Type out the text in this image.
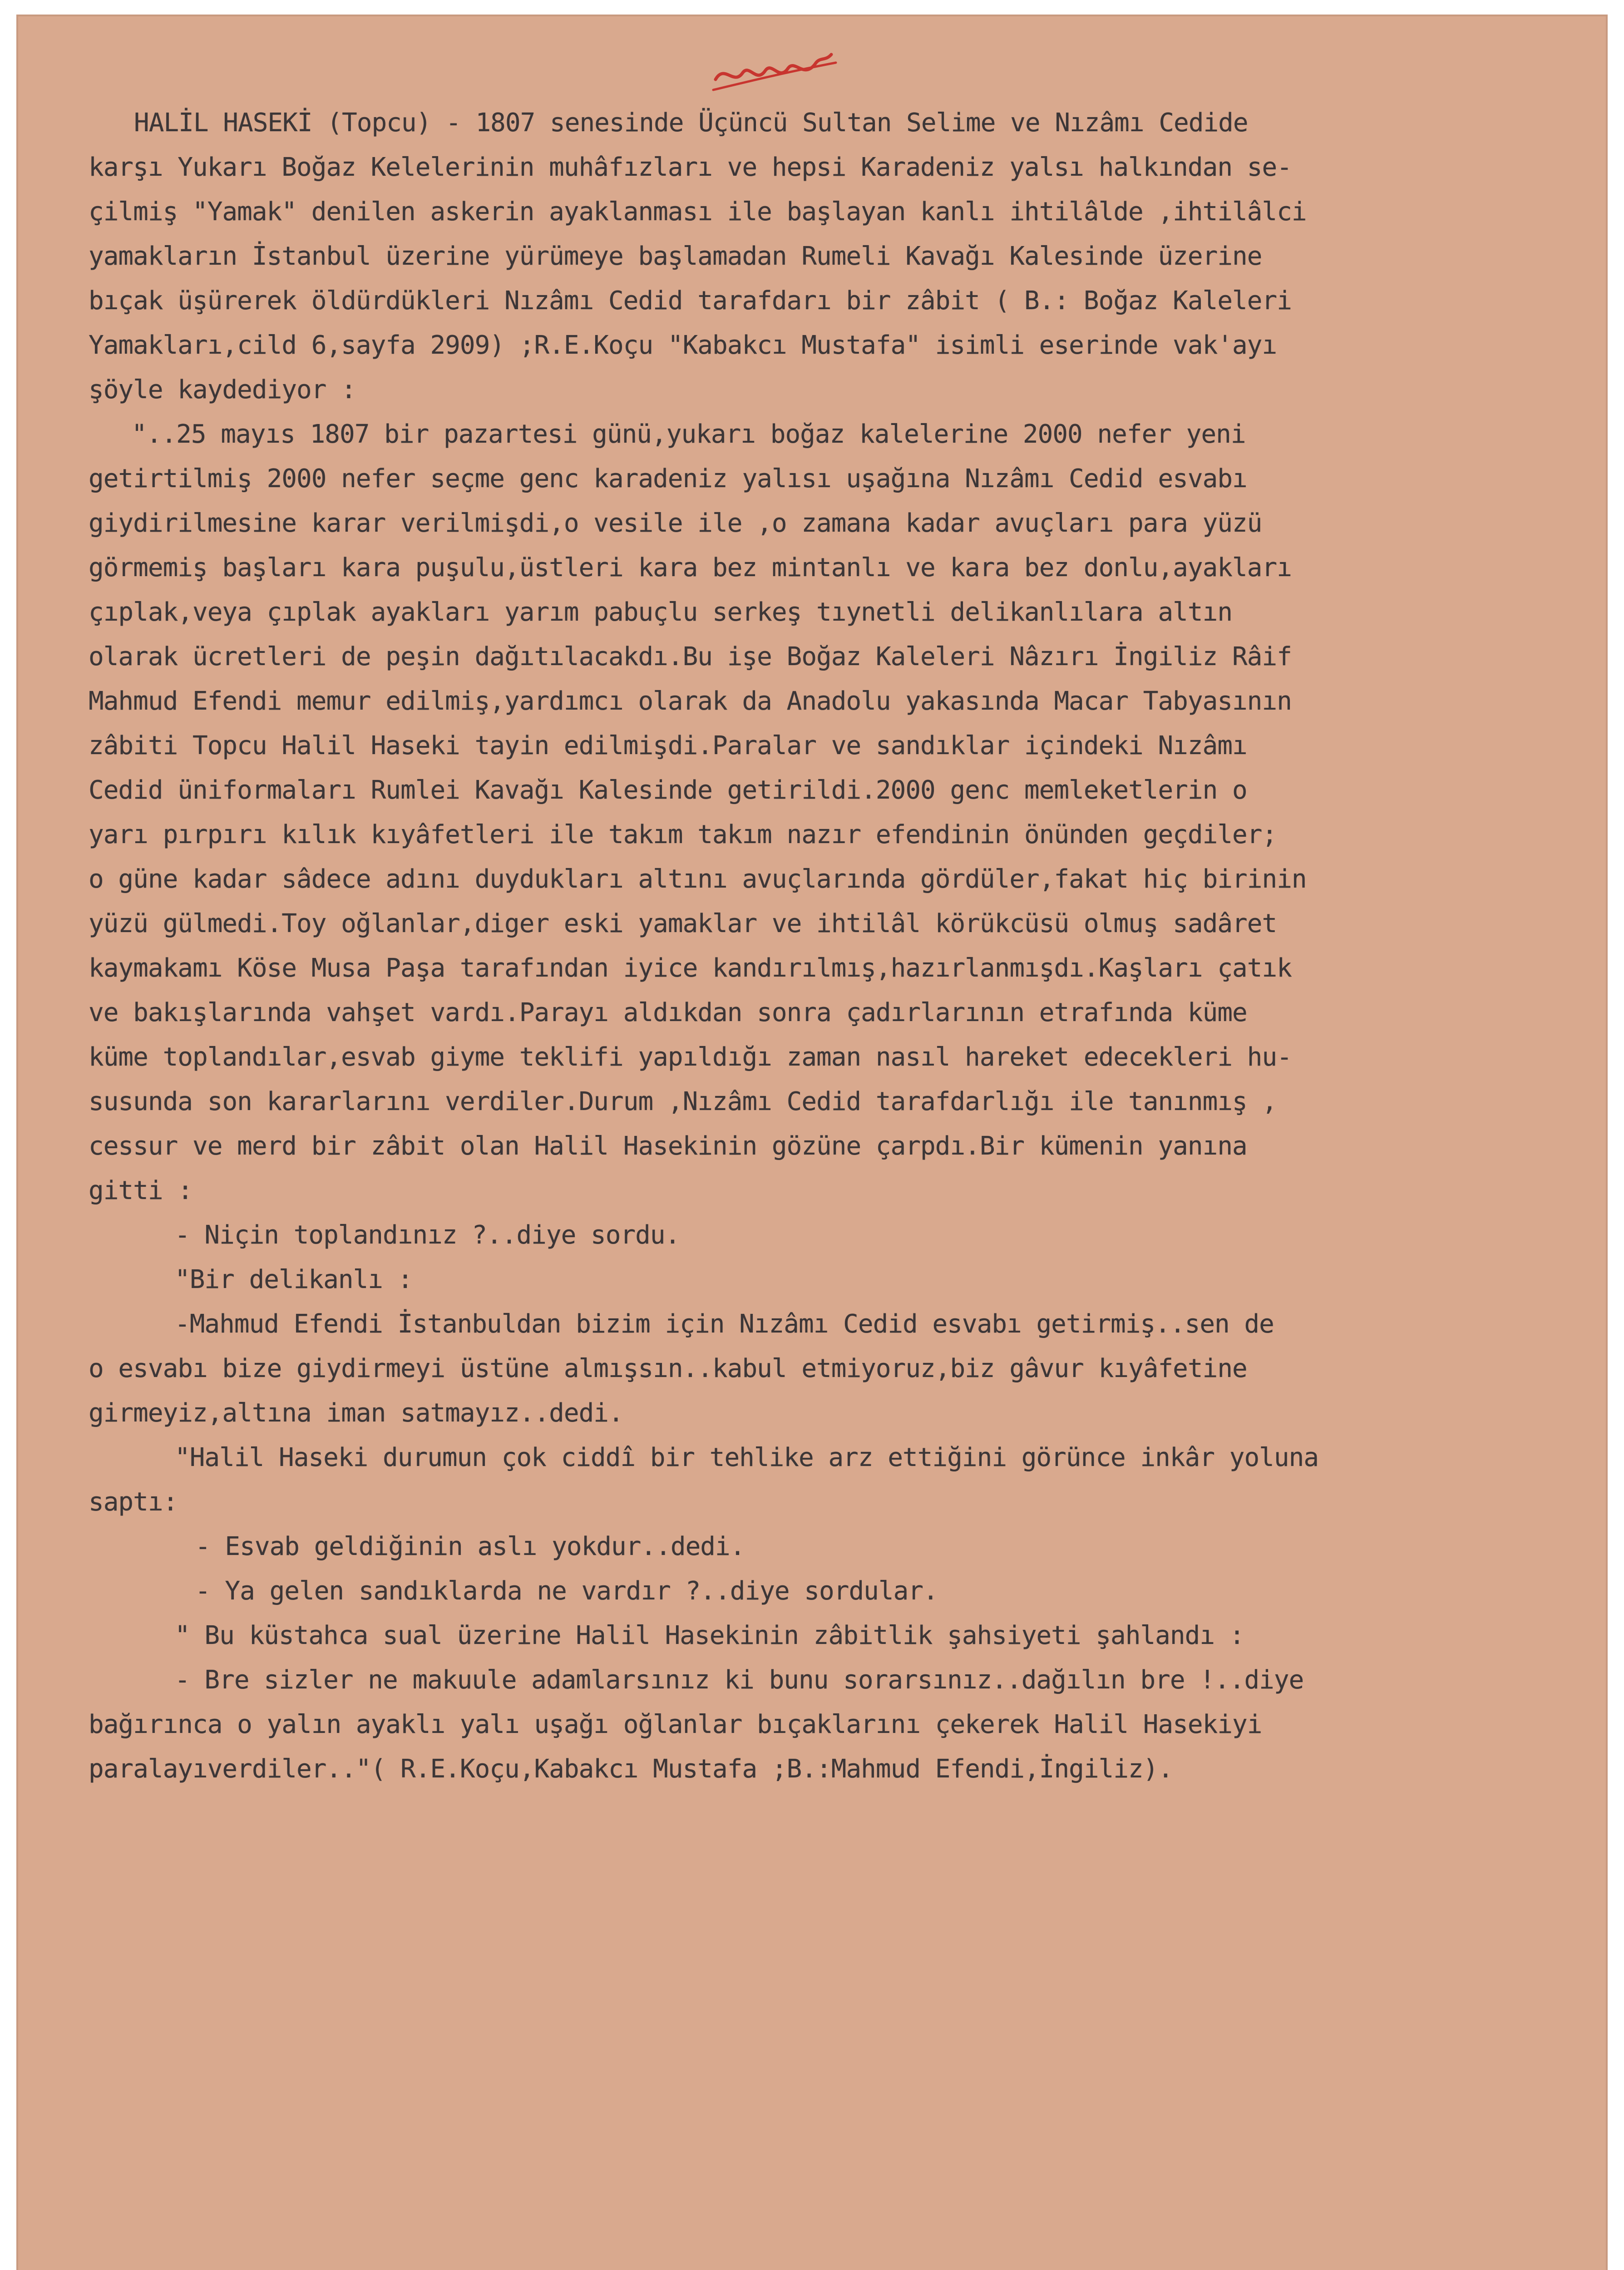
HALİL HASEKİ (Topcu) - 1807 senesinde Üçüncü Sultan Selime ve Nızâmı Cedide

karşı Yukarı Boğaz Kelelerinin muhâfızları ve hepsi Karadeniz yalsı halkından se-

çilmiş "Yamak" denilen askerin ayaklanması ile başlayan kanlı ihtilâlde ,ihtilâlci

yamakların İstanbul üzerine yürümeye başlamadan Rumeli Kavağı Kalesinde üzerine

bıçak üşürerek öldürdükleri Nızâmı Cedid tarafdarı bir zâbit ( B.: Boğaz Kaleleri

Yamakları,cild 6,sayfa 2909) ;R.E.Koçu "Kabakcı Mustafa" isimli eserinde vak'ayı

şöyle kaydediyor :

"..25 mayıs 1807 bir pazartesi günü,yukarı boğaz kalelerine 2000 nefer yeni

getirtilmiş 2000 nefer seçme genc karadeniz yalısı uşağına Nızâmı Cedid esvabı

giydirilmesine karar verilmişdi,o vesile ile ,o zamana kadar avuçları para yüzü

görmemiş başları kara puşulu,üstleri kara bez mintanlı ve kara bez donlu,ayakları

çıplak,veya çıplak ayakları yarım pabuçlu serkeş tıynetli delikanlılara altın

olarak ücretleri de peşin dağıtılacakdı.Bu işe Boğaz Kaleleri Nâzırı İngiliz Râif

Mahmud Efendi memur edilmiş,yardımcı olarak da Anadolu yakasında Macar Tabyasının

zâbiti Topcu Halil Haseki tayin edilmişdi.Paralar ve sandıklar içindeki Nızâmı

Cedid üniformaları Rumlei Kavağı Kalesinde getirildi.2000 genc memleketlerin o

yarı pırpırı kılık kıyâfetleri ile takım takım nazır efendinin önünden geçdiler;

o güne kadar sâdece adını duydukları altını avuçlarında gördüler,fakat hiç birinin

yüzü gülmedi.Toy oğlanlar,diger eski yamaklar ve ihtilâl körükcüsü olmuş sadâret

kaymakamı Köse Musa Paşa tarafından iyice kandırılmış,hazırlanmışdı.Kaşları çatık

ve bakışlarında vahşet vardı.Parayı aldıkdan sonra çadırlarının etrafında küme

küme toplandılar,esvab giyme teklifi yapıldığı zaman nasıl hareket edecekleri hu-

susunda son kararlarını verdiler.Durum ,Nızâmı Cedid tarafdarlığı ile tanınmış ,

cessur ve merd bir zâbit olan Halil Hasekinin gözüne çarpdı.Bir kümenin yanına

gitti :

- Niçin toplandınız ?..diye sordu.

"Bir delikanlı :

-Mahmud Efendi İstanbuldan bizim için Nızâmı Cedid esvabı getirmiş..sen de

o esvabı bize giydirmeyi üstüne almışsın..kabul etmiyoruz,biz gâvur kıyâfetine

girmeyiz,altına iman satmayız..dedi.

"Halil Haseki durumun çok ciddî bir tehlike arz ettiğini görünce inkâr yoluna

saptı:

- Esvab geldiğinin aslı yokdur..dedi.

- Ya gelen sandıklarda ne vardır ?..diye sordular.

" Bu küstahca sual üzerine Halil Hasekinin zâbitlik şahsiyeti şahlandı :

- Bre sizler ne makuule adamlarsınız ki bunu sorarsınız..dağılın bre !..diye

bağırınca o yalın ayaklı yalı uşağı oğlanlar bıçaklarını çekerek Halil Hasekiyi

paralayıverdiler.."( R.E.Koçu,Kabakcı Mustafa ;B.:Mahmud Efendi,İngiliz).
